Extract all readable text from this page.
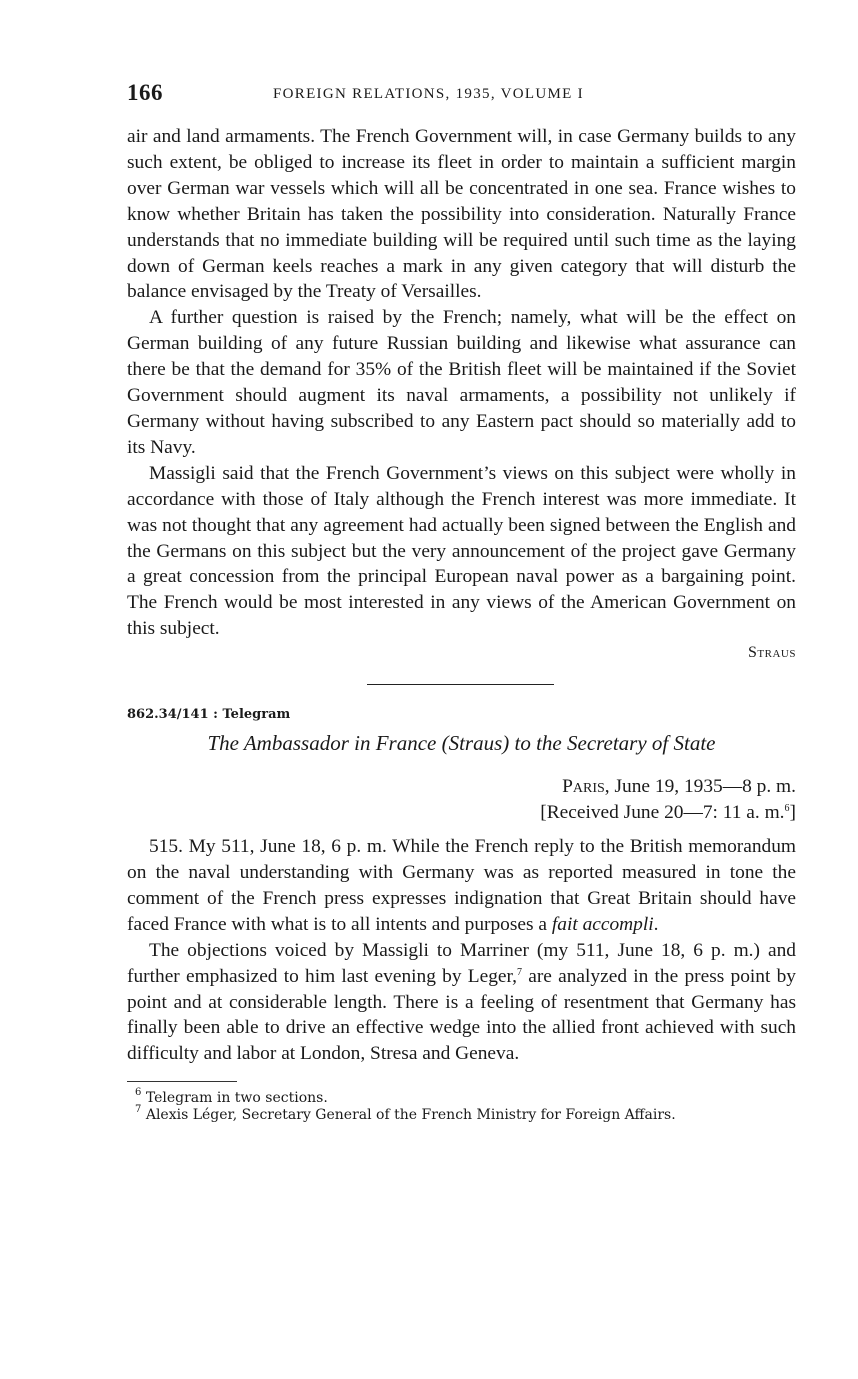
166	FOREIGN RELATIONS, 1935, VOLUME I

air and land armaments. The French Government will, in case Germany builds to any such extent, be obliged to increase its fleet in order to maintain a sufficient margin over German war vessels which will all be concentrated in one sea. France wishes to know whether Britain has taken the possibility into consideration. Naturally France understands that no immediate building will be required until such time as the laying down of German keels reaches a mark in any given category that will disturb the balance envisaged by the Treaty of Versailles.

A further question is raised by the French; namely, what will be the effect on German building of any future Russian building and likewise what assurance can there be that the demand for 35% of the British fleet will be maintained if the Soviet Government should augment its naval armaments, a possibility not unlikely if Germany without having subscribed to any Eastern pact should so materially add to its Navy.

Massigli said that the French Government’s views on this subject were wholly in accordance with those of Italy although the French interest was more immediate. It was not thought that any agreement had actually been signed between the English and the Germans on this subject but the very announcement of the project gave Germany a great concession from the principal European naval power as a bargaining point. The French would be most interested in any views of the American Government on this subject.

Straus
862.34/141 : Telegram
The Ambassador in France (Straus) to the Secretary of State
Paris, June 19, 1935—8 p. m.
[Received June 20—7: 11 a. m.$^6$]

515. My 511, June 18, 6 p. m. While the French reply to the British memorandum on the naval understanding with Germany was as reported measured in tone the comment of the French press expresses indignation that Great Britain should have faced France with what is to all intents and purposes a fait accompli.

The objections voiced by Massigli to Marriner (my 511, June 18, 6 p. m.) and further emphasized to him last evening by Leger,$^7$ are analyzed in the press point by point and at considerable length. There is a feeling of resentment that Germany has finally been able to drive an effective wedge into the allied front achieved with such difficulty and labor at London, Stresa and Geneva.

$^6$ Telegram in two sections.
$^7$ Alexis Léger, Secretary General of the French Ministry for Foreign Affairs.
